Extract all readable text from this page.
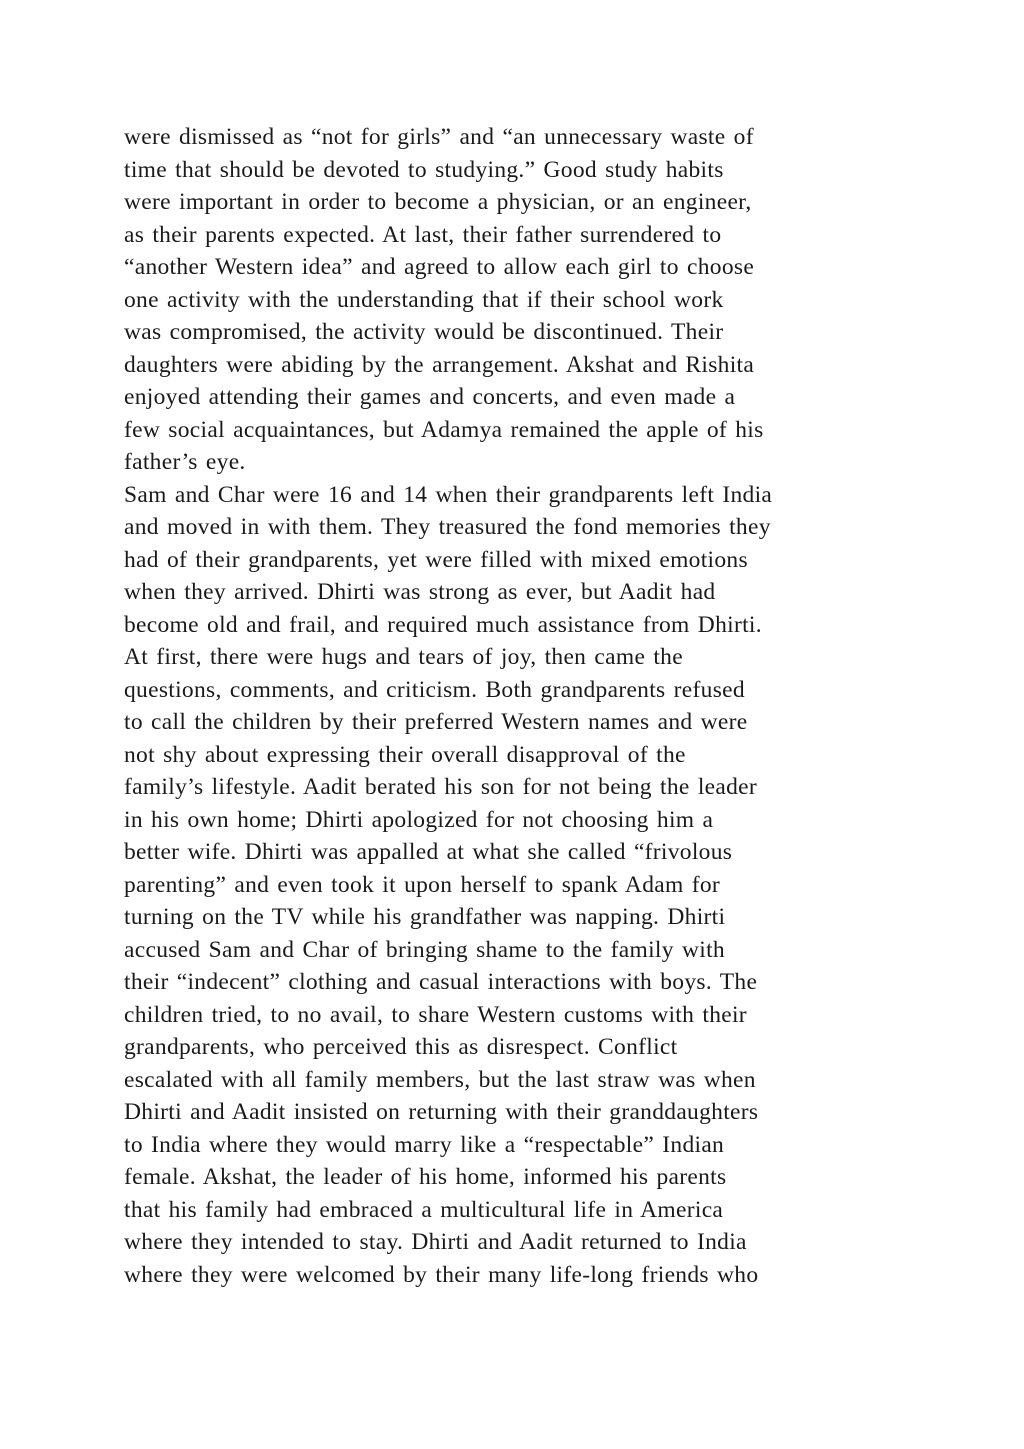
were dismissed as “not for girls” and “an unnecessary waste of
time that should be devoted to studying.” Good study habits
were important in order to become a physician, or an engineer,
as their parents expected. At last, their father surrendered to
“another Western idea” and agreed to allow each girl to choose
one activity with the understanding that if their school work
was compromised, the activity would be discontinued. Their
daughters were abiding by the arrangement. Akshat and Rishita
enjoyed attending their games and concerts, and even made a
few social acquaintances, but Adamya remained the apple of his
father’s eye.
Sam and Char were 16 and 14 when their grandparents left India
and moved in with them. They treasured the fond memories they
had of their grandparents, yet were filled with mixed emotions
when they arrived. Dhirti was strong as ever, but Aadit had
become old and frail, and required much assistance from Dhirti.
At first, there were hugs and tears of joy, then came the
questions, comments, and criticism. Both grandparents refused
to call the children by their preferred Western names and were
not shy about expressing their overall disapproval of the
family’s lifestyle. Aadit berated his son for not being the leader
in his own home; Dhirti apologized for not choosing him a
better wife. Dhirti was appalled at what she called “frivolous
parenting” and even took it upon herself to spank Adam for
turning on the TV while his grandfather was napping. Dhirti
accused Sam and Char of bringing shame to the family with
their “indecent” clothing and casual interactions with boys. The
children tried, to no avail, to share Western customs with their
grandparents, who perceived this as disrespect. Conflict
escalated with all family members, but the last straw was when
Dhirti and Aadit insisted on returning with their granddaughters
to India where they would marry like a “respectable” Indian
female. Akshat, the leader of his home, informed his parents
that his family had embraced a multicultural life in America
where they intended to stay. Dhirti and Aadit returned to India
where they were welcomed by their many life-long friends who
